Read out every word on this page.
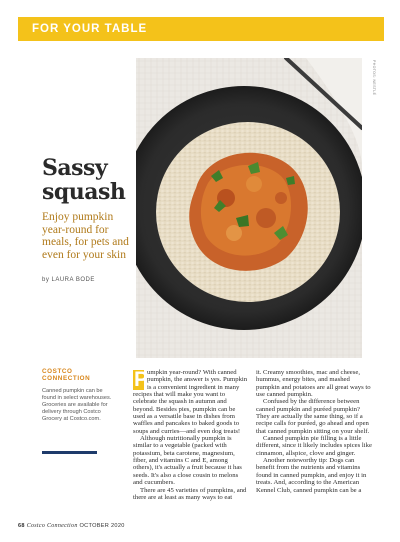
FOR YOUR TABLE
PHOTOS: NESTLÉ
Sassy
squash
Enjoy pumpkin year-round for meals, for pets and even for your skin
by LAURA BODE
COSTCO
CONNECTION
Canned pumpkin can be found in select warehouses. Groceries are available for delivery through Costco Grocery at Costco.com.
P

umpkin year-round? With canned pumpkin, the answer is yes. Pumpkin is a convenient ingredient in many recipes that will make you want to celebrate the squash in autumn and beyond. Besides pies, pumpkin can be used as a versatile base in dishes from waffles and pancakes to baked goods to soups and curries—and even dog treats!

Although nutritionally pumpkin is similar to a vegetable (packed with potassium, beta carotene, magnesium, fiber, and vitamins C and E, among others), it's actually a fruit because it has seeds. It's also a close cousin to melons and cucumbers.

There are 45 varieties of pumpkins, and there are at least as many ways to eat

it. Creamy smoothies, mac and cheese, hummus, energy bites, and mashed pumpkin and potatoes are all great ways to use canned pumpkin.

Confused by the difference between canned pumpkin and puréed pumpkin? They are actually the same thing, so if a recipe calls for puréed, go ahead and open that canned pumpkin sitting on your shelf.

Canned pumpkin pie filling is a little different, since it likely includes spices like cinnamon, allspice, clove and ginger.

Another noteworthy tip: Dogs can benefit from the nutrients and vitamins found in canned pumpkin, and enjoy it in treats. And, according to the American Kennel Club, canned pumpkin can be a

68 Costco Connection OCTOBER 2020
